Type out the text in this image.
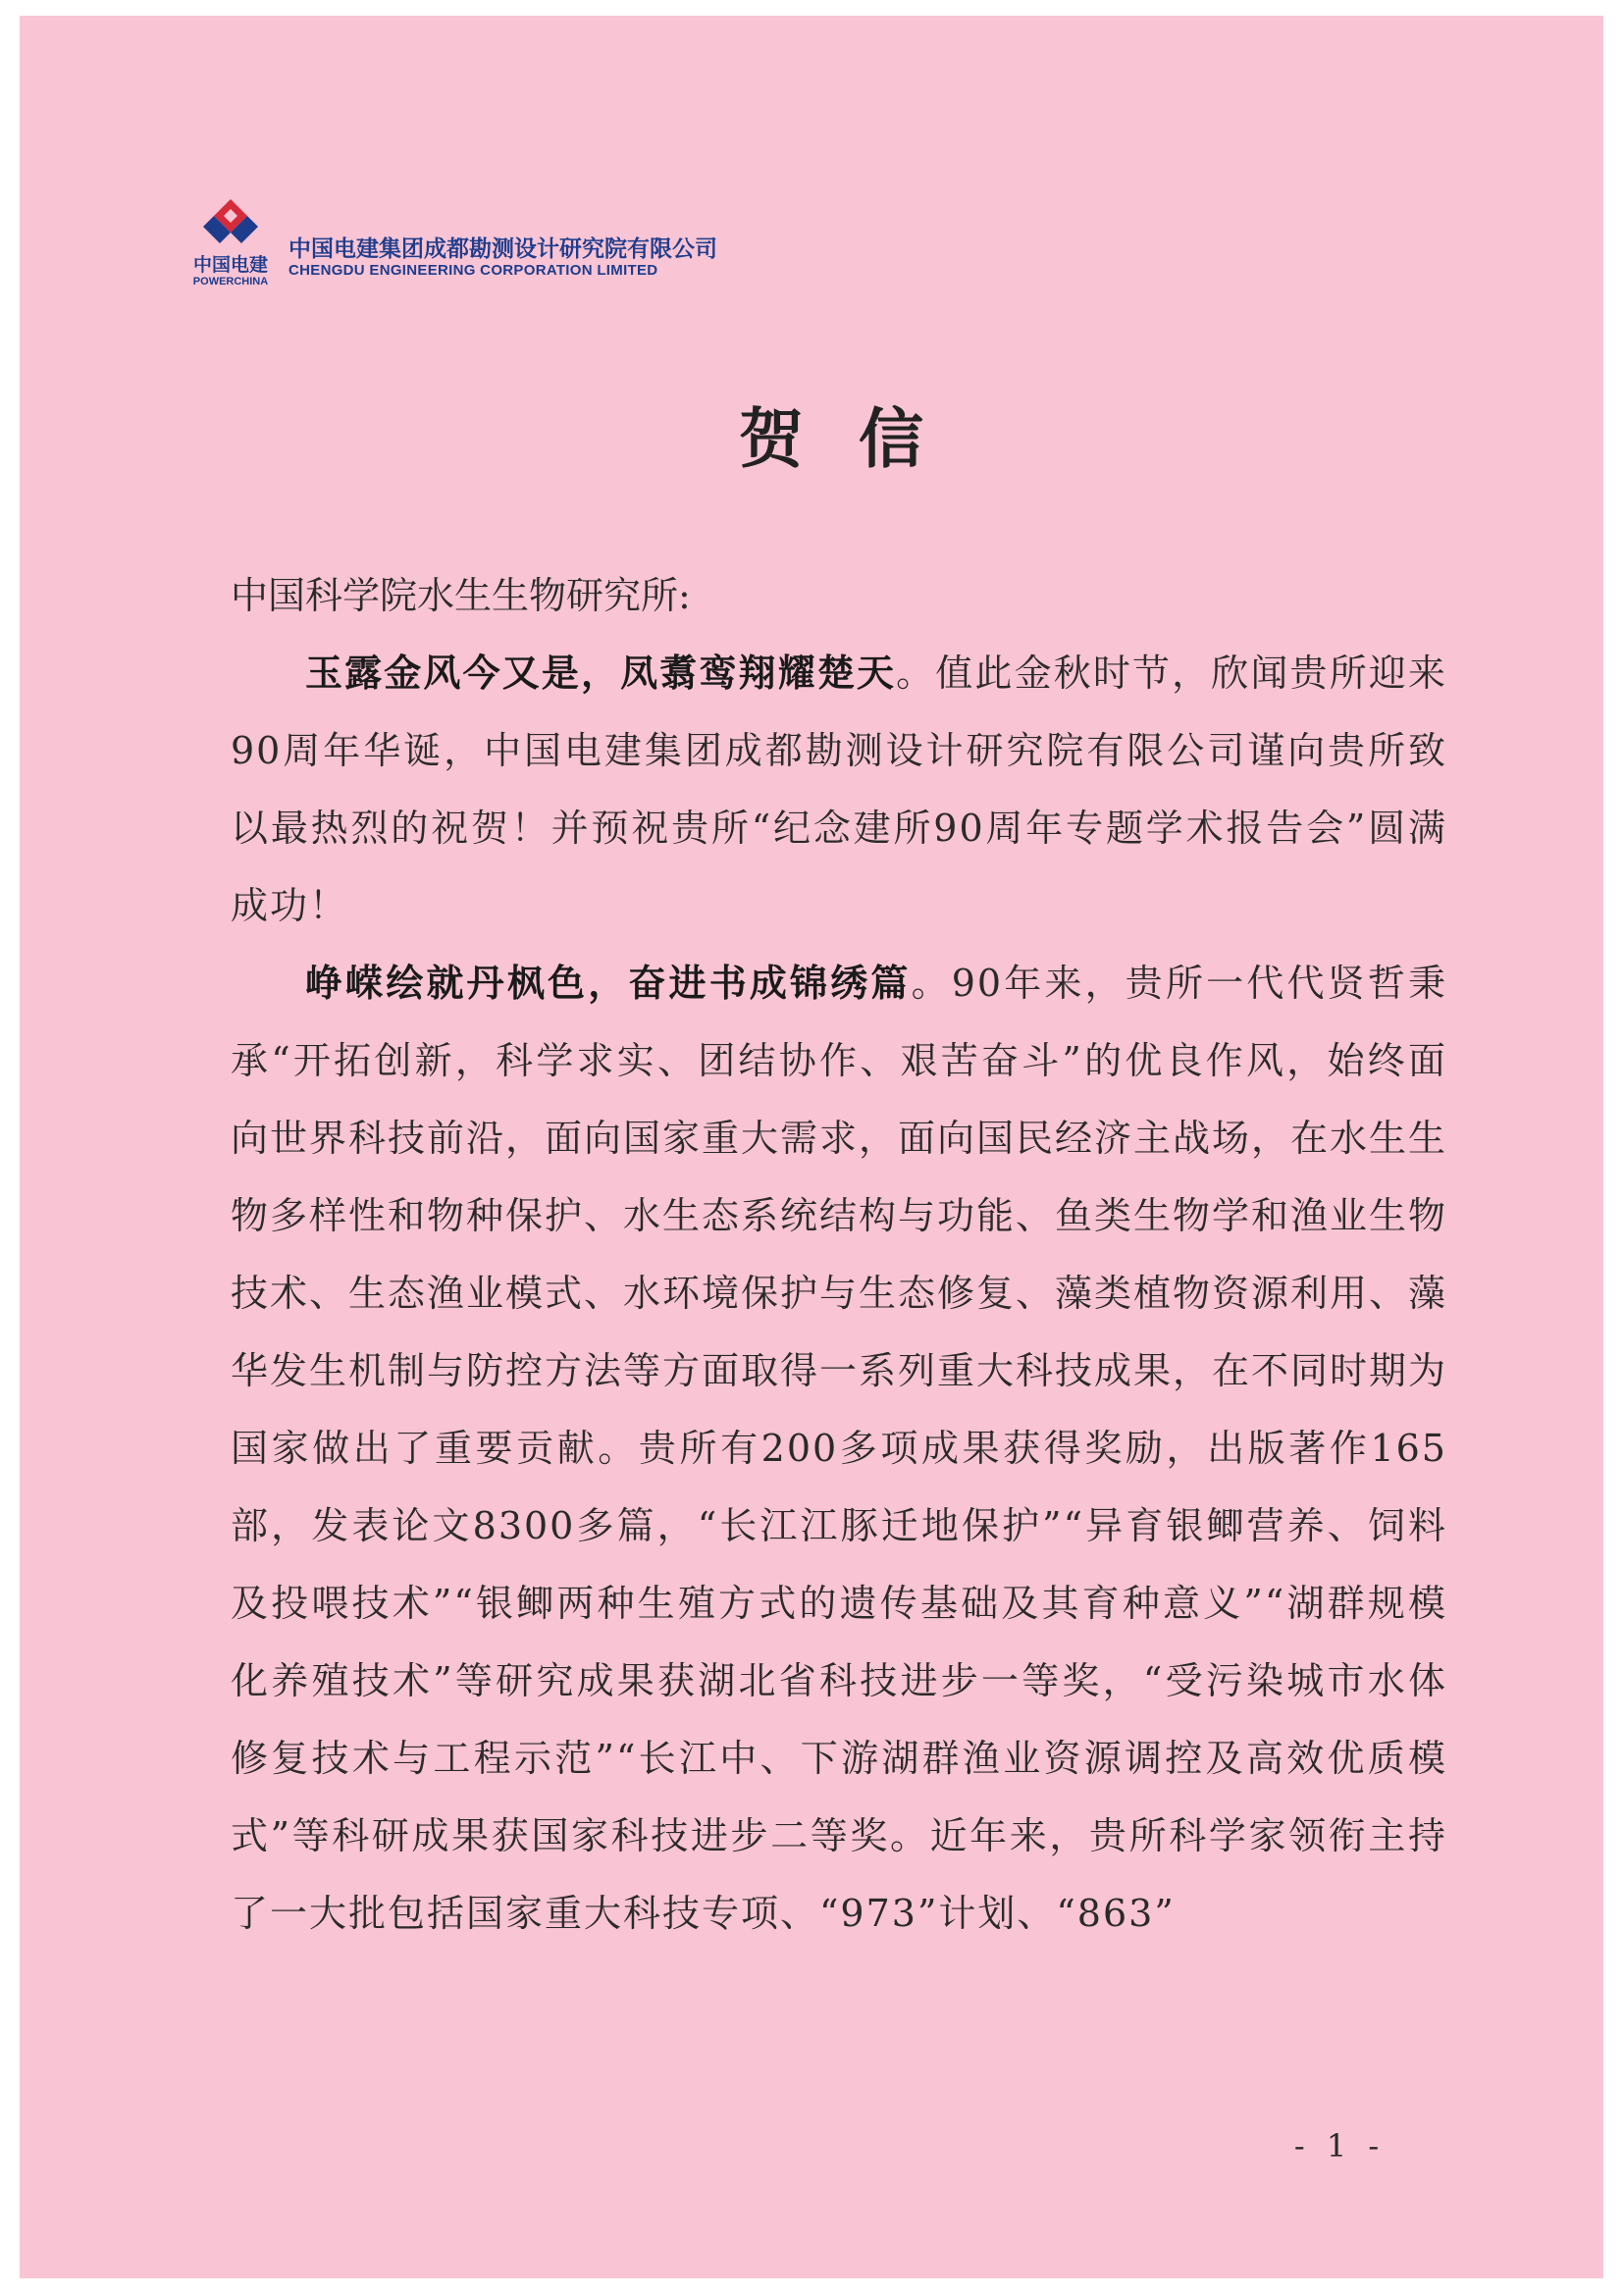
中国电建
POWERCHINA
中国电建集团成都勘测设计研究院有限公司
CHENGDU ENGINEERING CORPORATION LIMITED
贺信

中国科学院水生生物研究所:

玉露金风今又是，凤翥鸾翔耀楚天。值此金秋时节，欣闻贵所迎来90周年华诞，中国电建集团成都勘测设计研究院有限公司谨向贵所致以最热烈的祝贺！并预祝贵所“纪念建所90周年专题学术报告会”圆满成功！

峥嵘绘就丹枫色，奋进书成锦绣篇。90年来，贵所一代代贤哲秉承“开拓创新，科学求实、团结协作、艰苦奋斗”的优良作风，始终面向世界科技前沿，面向国家重大需求，面向国民经济主战场，在水生生物多样性和物种保护、水生态系统结构与功能、鱼类生物学和渔业生物技术、生态渔业模式、水环境保护与生态修复、藻类植物资源利用、藻华发生机制与防控方法等方面取得一系列重大科技成果，在不同时期为国家做出了重要贡献。贵所有200多项成果获得奖励，出版著作165部，发表论文8300多篇，“长江江豚迁地保护”“异育银鲫营养、饲料及投喂技术”“银鲫两种生殖方式的遗传基础及其育种意义”“湖群规模化养殖技术”等研究成果获湖北省科技进步一等奖，“受污染城市水体修复技术与工程示范”“长江中、下游湖群渔业资源调控及高效优质模式”等科研成果获国家科技进步二等奖。近年来，贵所科学家领衔主持了一大批包括国家重大科技专项、“973”计划、“863”

- 1 -
